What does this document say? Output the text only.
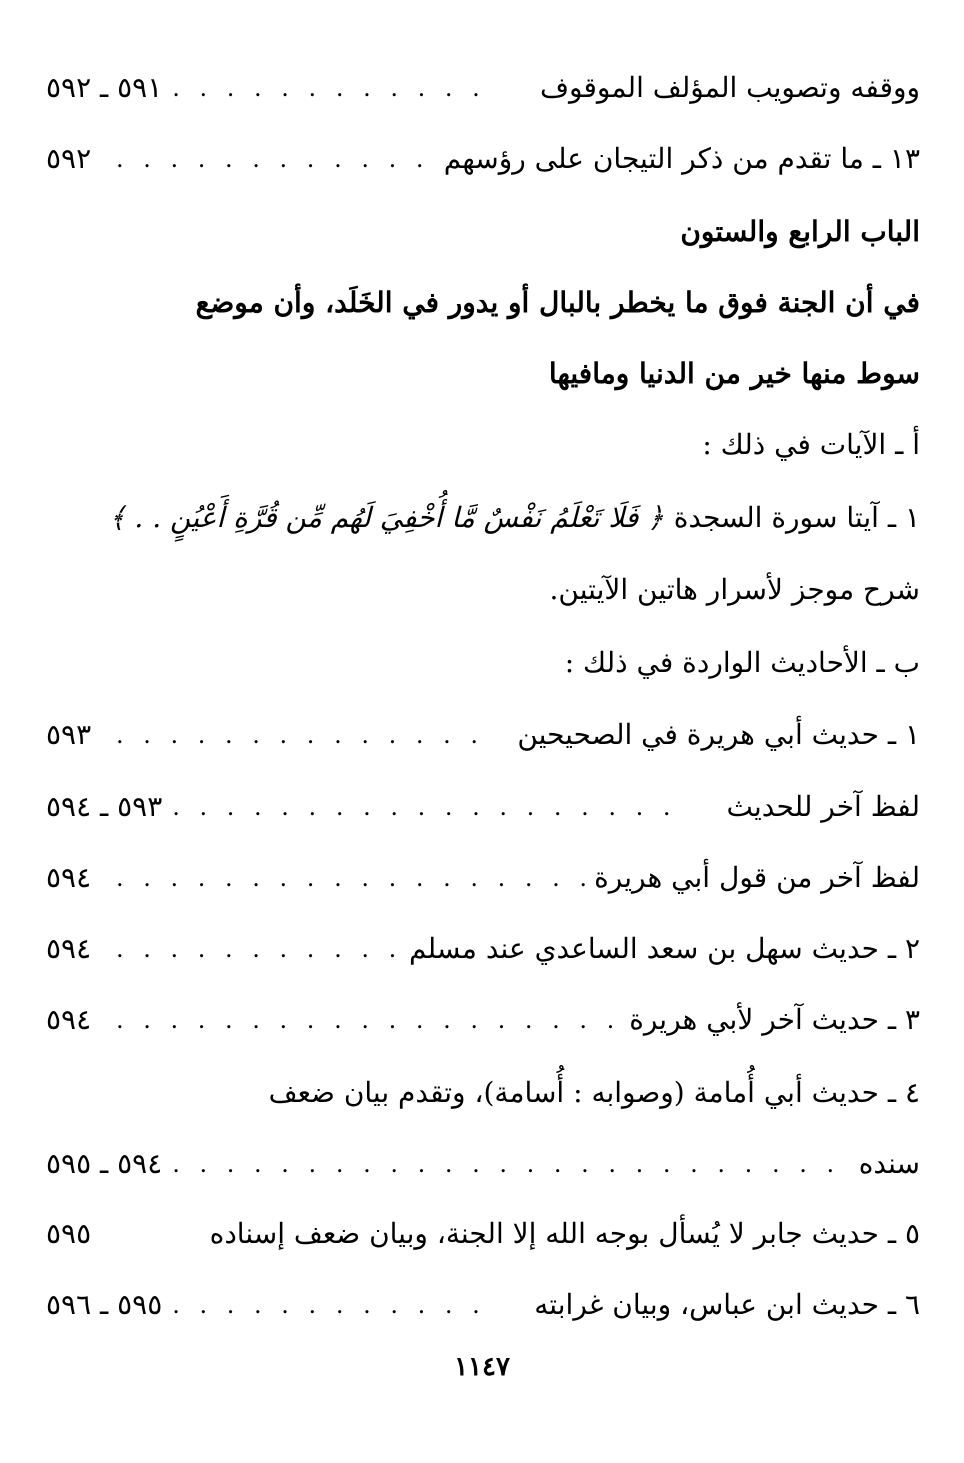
ووقفه وتصويب المؤلف الموقوف
. . . . . . . . . . . .
٥٩١ ـ ٥٩٢
١٣ ـ ما تقدم من ذكر التيجان على رؤسهم
. . . . . . . . . . . .
٥٩٢
الباب الرابع والستون
في أن الجنة فوق ما يخطر بالبال أو يدور في الخَلَد، وأن موضع
سوط منها خير من الدنيا ومافيها
أ ـ الآيات في ذلك :
١ ـ آيتا سورة السجدة
﴿ فَلَا تَعْلَمُ نَفْسٌ مَّا أُخْفِيَ لَهُم مِّن قُرَّةِ أَعْيُنٍ . . ﴾
شرح موجز لأسرار هاتين الآيتين.
ب ـ الأحاديث الواردة في ذلك :
١ ـ حديث أبي هريرة في الصحيحين
. . . . . . . . . . . . . .
٥٩٣
لفظ آخر للحديث
. . . . . . . . . . . . . . . . . . .
٥٩٣ ـ ٥٩٤
لفظ آخر من قول أبي هريرة
. . . . . . . . . . . . . . . . . .
٥٩٤
٢ ـ حديث سهل بن سعد الساعدي عند مسلم
. . . . . . . . . . .
٥٩٤
٣ ـ حديث آخر لأبي هريرة
. . . . . . . . . . . . . . . . . . .
٥٩٤
٤ ـ حديث أبي أُمامة (وصوابه : أُسامة)، وتقدم بيان ضعف
سنده
. . . . . . . . . . . . . . . . . . . . . . . . .
٥٩٤ ـ ٥٩٥
٥ ـ حديث جابر لا يُسأل بوجه الله إلا الجنة، وبيان ضعف إسناده
٥٩٥
٦ ـ حديث ابن عباس، وبيان غرابته
. . . . . . . . . . . .
٥٩٥ ـ ٥٩٦
١١٤٧
